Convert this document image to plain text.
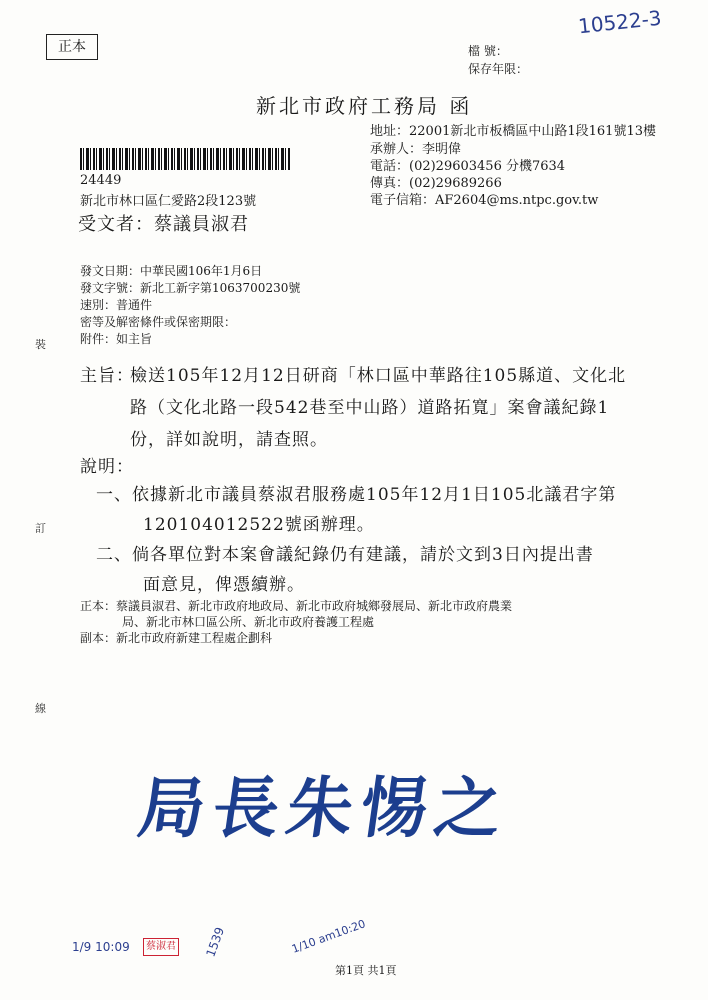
正本	檔 號：
保存年限：
10522-3
新北市政府工務局 函
地址：22001新北市板橋區中山路1段161號13樓
承辦人：李明偉
電話：(02)29603456 分機7634
傳真：(02)29689266
電子信箱：AF2604@ms.ntpc.gov.tw
24449
新北市林口區仁愛路2段123號
受文者：蔡議員淑君
發文日期：中華民國106年1月6日
發文字號：新北工新字第1063700230號
速別：普通件
密等及解密條件或保密期限：
附件：如主旨
裝
訂
線
主旨：
檢送105年12月12日研商「林口區中華路往105縣道、文化北
路（文化北路一段542巷至中山路）道路拓寬」案會議紀錄1
份，詳如說明，請查照。
說明：
一、依據新北市議員蔡淑君服務處105年12月1日105北議君字第
120104012522號函辦理。
二、倘各單位對本案會議紀錄仍有建議，請於文到3日內提出書
面意見，俾憑續辦。
正本：蔡議員淑君、新北市政府地政局、新北市政府城鄉發展局、新北市政府農業
局、新北市林口區公所、新北市政府養護工程處
副本：新北市政府新建工程處企劃科
局長朱惕之
1/9 10:09	蔡淑君 1539	1/10 am10:20
第1頁 共1頁
